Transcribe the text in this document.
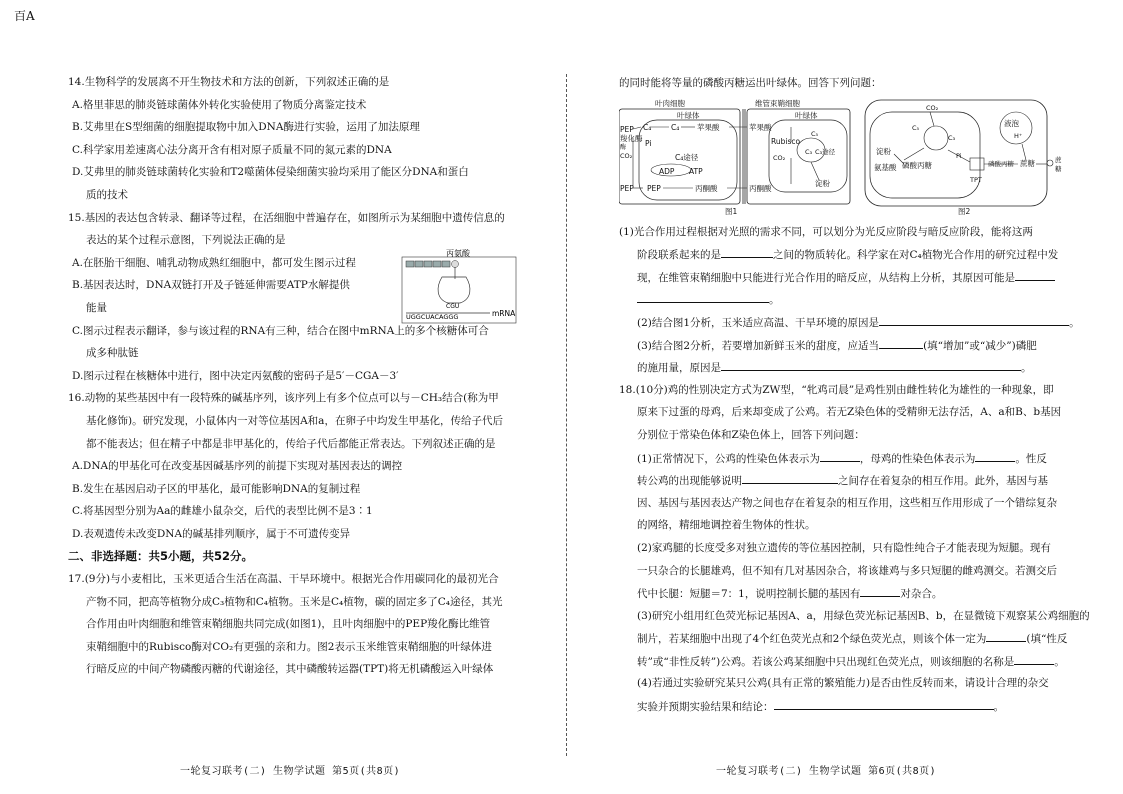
百A
14.生物科学的发展离不开生物技术和方法的创新，下列叙述正确的是
A.格里菲思的肺炎链球菌体外转化实验使用了物质分离鉴定技术
B.艾弗里在S型细菌的细胞提取物中加入DNA酶进行实验，运用了加法原理
C.科学家用差速离心法分离开含有相对原子质量不同的氮元素的DNA
D.艾弗里的肺炎链球菌转化实验和T2噬菌体侵染细菌实验均采用了能区分DNA和蛋白
质的技术
15.基因的表达包含转录、翻译等过程，在活细胞中普遍存在，如图所示为某细胞中遗传信息的
表达的某个过程示意图，下列说法正确的是
A.在胚胎干细胞、哺乳动物成熟红细胞中，都可发生图示过程
B.基因表达时，DNA双链打开及子链延伸需要ATP水解提供
能量
C.图示过程表示翻译，参与该过程的RNA有三种，结合在图中mRNA上的多个核糖体可合
成多种肽链
D.图示过程在核糖体中进行，图中决定丙氨酸的密码子是5′－CGA－3′
16.动物的某些基因中有一段特殊的碱基序列，该序列上有多个位点可以与－CH₃结合(称为甲
基化修饰)。研究发现，小鼠体内一对等位基因A和a，在卵子中均发生甲基化，传给子代后
都不能表达；但在精子中都是非甲基化的，传给子代后都能正常表达。下列叙述正确的是
A.DNA的甲基化可在改变基因碱基序列的前提下实现对基因表达的调控
B.发生在基因启动子区的甲基化，最可能影响DNA的复制过程
C.将基因型分别为Aa的雌雄小鼠杂交，后代的表型比例不是3∶1
D.表观遗传未改变DNA的碱基排列顺序，属于不可遗传变异
二、非选择题：共5小题，共52分。
17.(9分)与小麦相比，玉米更适合生活在高温、干旱环境中。根据光合作用碳同化的最初光合
产物不同，把高等植物分成C₃植物和C₄植物。玉米是C₄植物，碳的固定多了C₄途径，其光
合作用由叶肉细胞和维管束鞘细胞共同完成(如图1)，且叶肉细胞中的PEP羧化酶比维管
束鞘细胞中的Rubisco酶对CO₂有更强的亲和力。图2表示玉米维管束鞘细胞的叶绿体进
行暗反应的中间产物磷酸丙糖的代谢途径，其中磷酸转运器(TPT)将无机磷酸运入叶绿体
丙氨酸
CGU
UGGCUACAGGG	mRNA
的同时能将等量的磷酸丙糖运出叶绿体。回答下列问题：
叶肉细胞	维管束鞘细胞
叶绿体	叶绿体
C₄	C₄ 苹果酸	苹果酸
PEP
羧化酶
酶
CO₂
Pi
C₄途径
ADP ATP
PEP PEP	丙酮酸	丙酮酸
Rubisco
CO₂
C₅
C₃ C₃途径
淀粉
图1
CO₂
C₅
C₃
Pi
淀粉
磷酸丙糖
氨基酸
TPT
磷酸丙糖 蔗糖
液泡
H⁺
蔗
糖
图2
(1)光合作用过程根据对光照的需求不同，可以划分为光反应阶段与暗反应阶段，能将这两
阶段联系起来的是	之间的物质转化。科学家在对C₄植物光合作用的研究过程中发
现，在维管束鞘细胞中只能进行光合作用的暗反应，从结构上分析，其原因可能是
。
(2)结合图1分析，玉米适应高温、干旱环境的原因是	。
(3)结合图2分析，若要增加新鲜玉米的甜度，应适当	(填“增加”或“减少”)磷肥
的施用量，原因是	。
18.(10分)鸡的性别决定方式为ZW型，“牝鸡司晨”是鸡性别由雌性转化为雄性的一种现象，即
原来下过蛋的母鸡，后来却变成了公鸡。若无Z染色体的受精卵无法存活，A、a和B、b基因
分别位于常染色体和Z染色体上，回答下列问题：
(1)正常情况下，公鸡的性染色体表示为	，母鸡的性染色体表示为	。性反
转公鸡的出现能够说明	之间存在着复杂的相互作用。此外，基因与基
因、基因与基因表达产物之间也存在着复杂的相互作用，这些相互作用形成了一个错综复杂
的网络，精细地调控着生物体的性状。
(2)家鸡腿的长度受多对独立遗传的等位基因控制，只有隐性纯合子才能表现为短腿。现有
一只杂合的长腿雄鸡，但不知有几对基因杂合，将该雄鸡与多只短腿的雌鸡测交。若测交后
代中长腿：短腿＝7：1，说明控制长腿的基因有	对杂合。
(3)研究小组用红色荧光标记基因A、a，用绿色荧光标记基因B、b，在显微镜下观察某公鸡细胞的
制片，若某细胞中出现了4个红色荧光点和2个绿色荧光点，则该个体一定为	(填“性反
转”或“非性反转”)公鸡。若该公鸡某细胞中只出现红色荧光点，则该细胞的名称是	。
(4)若通过实验研究某只公鸡(具有正常的繁殖能力)是否由性反转而来，请设计合理的杂交
实验并预期实验结果和结论：	。
一轮复习联考(二) 生物学试题 第5页(共8页)	一轮复习联考(二) 生物学试题 第6页(共8页)
